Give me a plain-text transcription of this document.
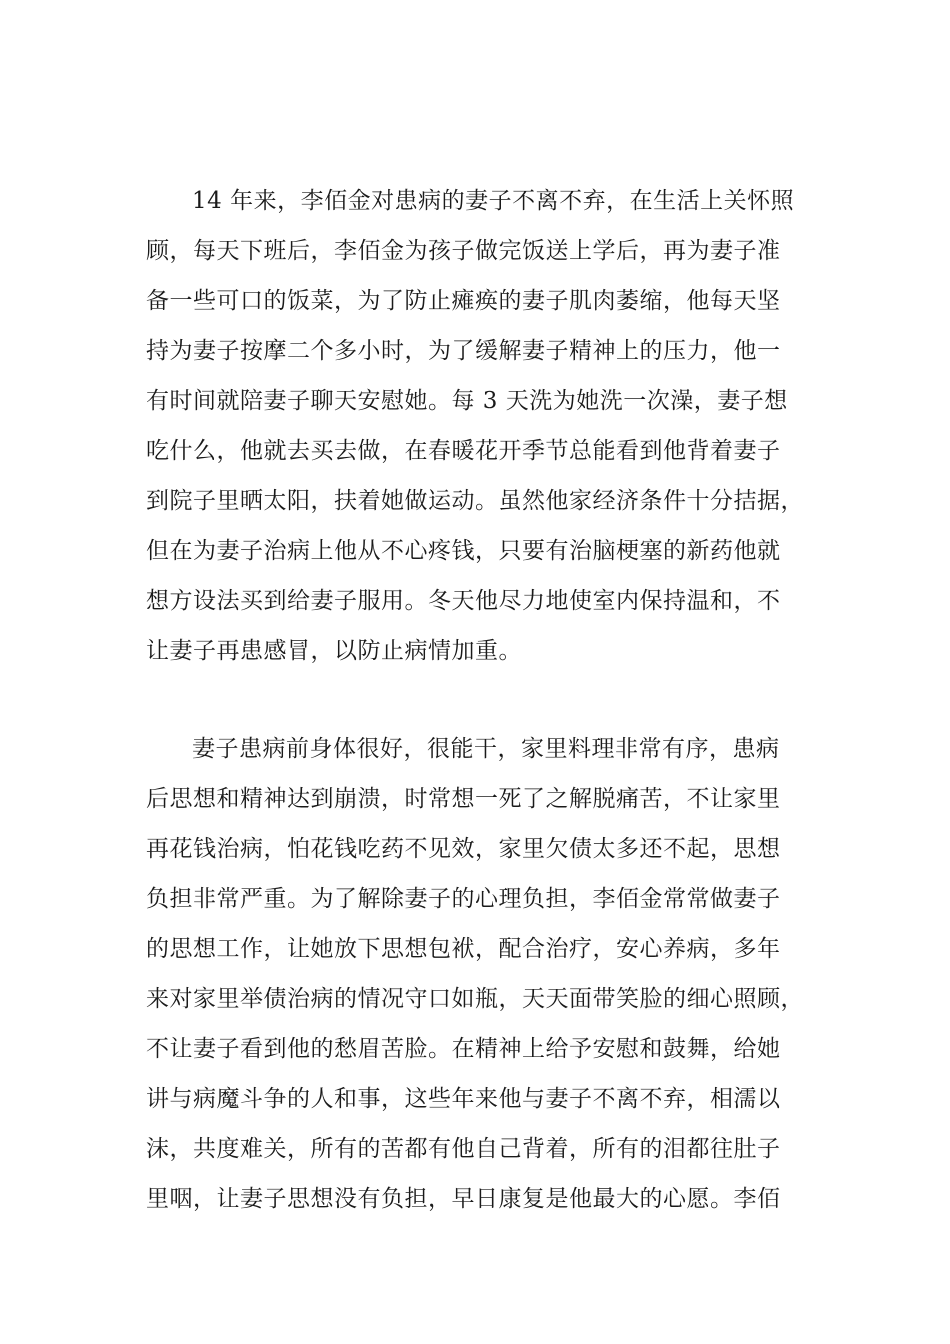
14 年来，李佰金对患病的妻子不离不弃，在生活上关怀照
顾，每天下班后，李佰金为孩子做完饭送上学后，再为妻子准
备一些可口的饭菜，为了防止瘫痪的妻子肌肉萎缩，他每天坚
持为妻子按摩二个多小时，为了缓解妻子精神上的压力，他一
有时间就陪妻子聊天安慰她。每 3 天洗为她洗一次澡，妻子想
吃什么，他就去买去做，在春暖花开季节总能看到他背着妻子
到院子里晒太阳，扶着她做运动。虽然他家经济条件十分拮据，
但在为妻子治病上他从不心疼钱，只要有治脑梗塞的新药他就
想方设法买到给妻子服用。冬天他尽力地使室内保持温和，不
让妻子再患感冒，以防止病情加重。
妻子患病前身体很好，很能干，家里料理非常有序，患病
后思想和精神达到崩溃，时常想一死了之解脱痛苦，不让家里
再花钱治病，怕花钱吃药不见效，家里欠债太多还不起，思想
负担非常严重。为了解除妻子的心理负担，李佰金常常做妻子
的思想工作，让她放下思想包袱，配合治疗，安心养病，多年
来对家里举债治病的情况守口如瓶，天天面带笑脸的细心照顾，
不让妻子看到他的愁眉苦脸。在精神上给予安慰和鼓舞，给她
讲与病魔斗争的人和事，这些年来他与妻子不离不弃，相濡以
沫，共度难关，所有的苦都有他自己背着，所有的泪都往肚子
里咽，让妻子思想没有负担，早日康复是他最大的心愿。李佰
